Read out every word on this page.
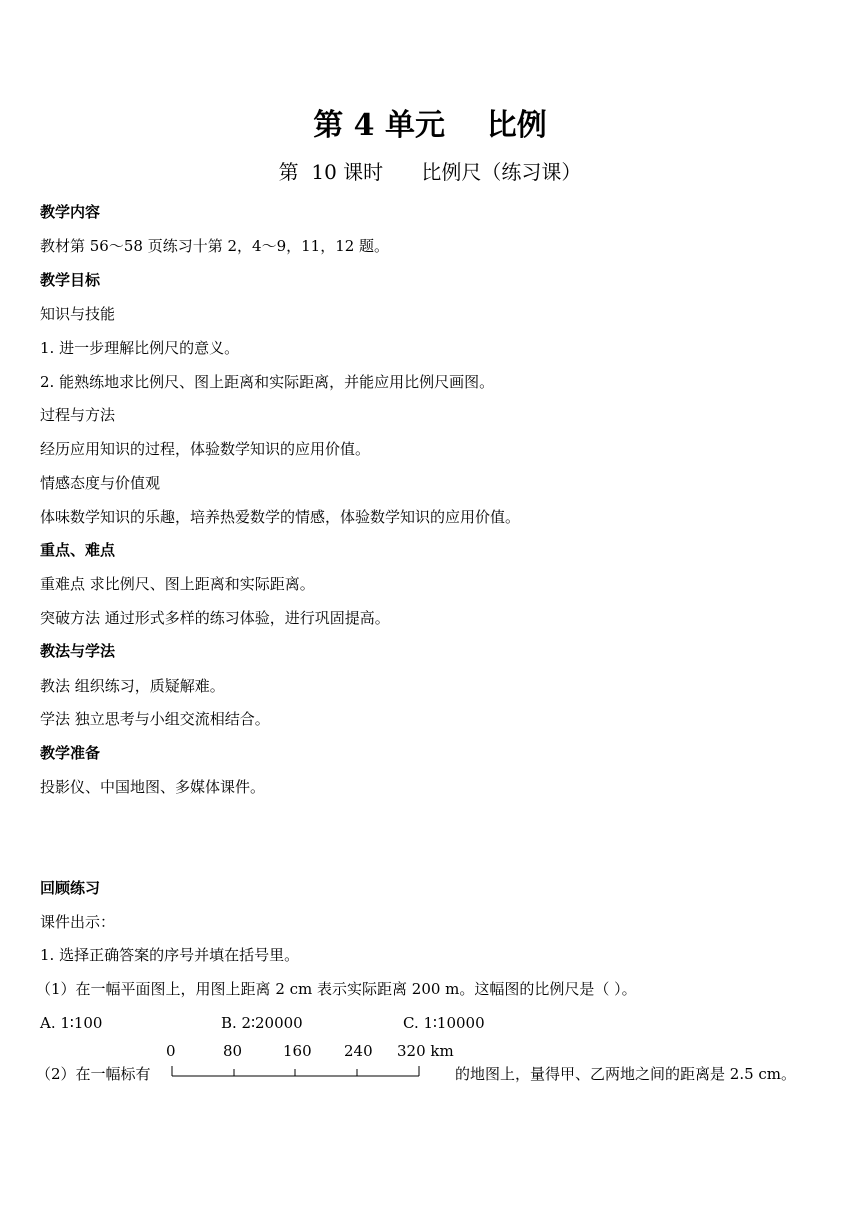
第 4 单元    比例
第  10 课时      比例尺（练习课）
教学内容
教材第 56～58 页练习十第 2，4～9，11，12 题。
教学目标
知识与技能
1. 进一步理解比例尺的意义。
2. 能熟练地求比例尺、图上距离和实际距离，并能应用比例尺画图。
过程与方法
经历应用知识的过程，体验数学知识的应用价值。
情感态度与价值观
体味数学知识的乐趣，培养热爱数学的情感，体验数学知识的应用价值。
重点、难点
重难点 求比例尺、图上距离和实际距离。
突破方法 通过形式多样的练习体验，进行巩固提高。
教法与学法
教法 组织练习，质疑解难。
学法 独立思考与小组交流相结合。
教学准备
投影仪、中国地图、多媒体课件。
回顾练习
课件出示：
1. 选择正确答案的序号并填在括号里。
（1）在一幅平面图上，用图上距离 2 cm 表示实际距离 200 m。这幅图的比例尺是（ ）。
A. 1∶100	B. 2∶20000	C. 1∶10000
0	80	160 240 320 km
（2）在一幅标有	的地图上，量得甲、乙两地之间的距离是 2.5 cm。
